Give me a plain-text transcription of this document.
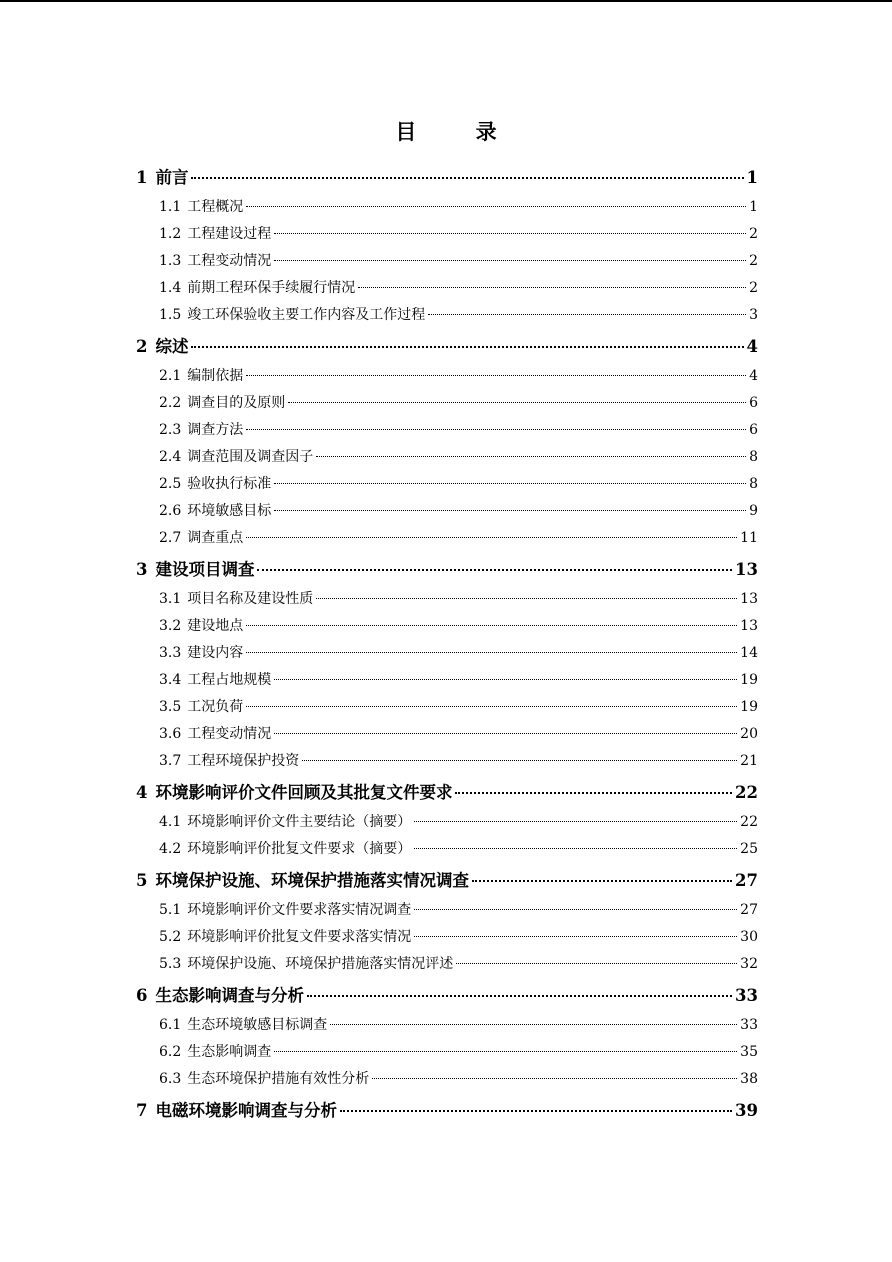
目 录
1 前言	1
1.1 工程概况	1
1.2 工程建设过程	2
1.3 工程变动情况	2
1.4 前期工程环保手续履行情况	2
1.5 竣工环保验收主要工作内容及工作过程	3
2 综述	4
2.1 编制依据	4
2.2 调查目的及原则	6
2.3 调查方法	6
2.4 调查范围及调查因子	8
2.5 验收执行标准	8
2.6 环境敏感目标	9
2.7 调查重点	11
3 建设项目调查	13
3.1 项目名称及建设性质	13
3.2 建设地点	13
3.3 建设内容	14
3.4 工程占地规模	19
3.5 工况负荷	19
3.6 工程变动情况	20
3.7 工程环境保护投资	21
4 环境影响评价文件回顾及其批复文件要求	22
4.1 环境影响评价文件主要结论（摘要）	22
4.2 环境影响评价批复文件要求（摘要）	25
5 环境保护设施、环境保护措施落实情况调查	27
5.1 环境影响评价文件要求落实情况调查	27
5.2 环境影响评价批复文件要求落实情况	30
5.3 环境保护设施、环境保护措施落实情况评述	32
6 生态影响调查与分析	33
6.1 生态环境敏感目标调查	33
6.2 生态影响调查	35
6.3 生态环境保护措施有效性分析	38
7 电磁环境影响调查与分析	39
